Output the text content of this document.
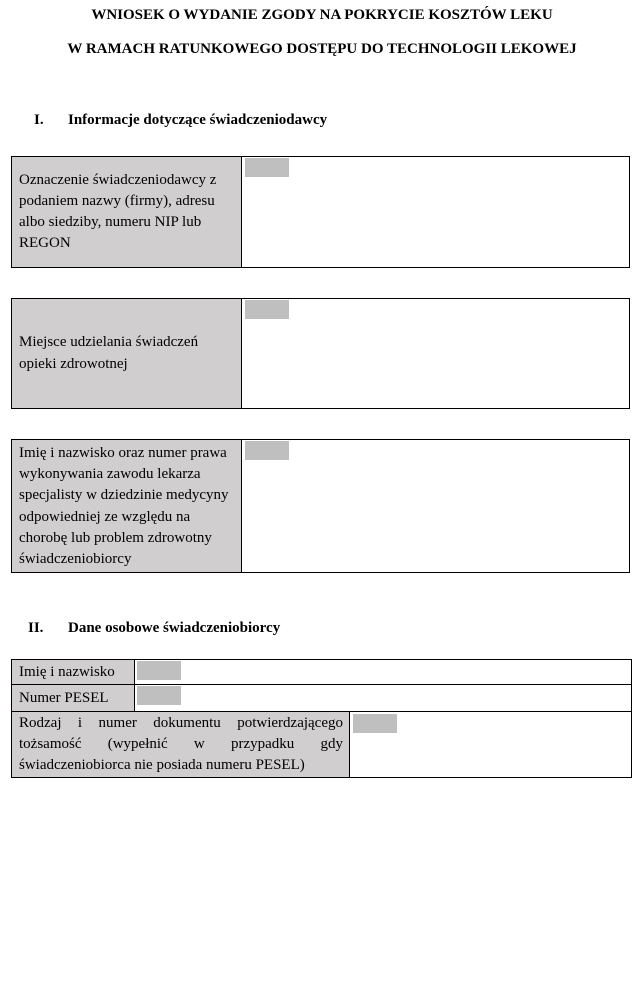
WNIOSEK O WYDANIE ZGODY NA POKRYCIE KOSZTÓW LEKU
W RAMACH RATUNKOWEGO DOSTĘPU DO TECHNOLOGII LEKOWEJ
I. Informacje dotyczące świadczeniodawcy
Oznaczenie świadczeniodawcy z podaniem nazwy (firmy), adresu albo siedziby, numeru NIP lub REGON
Miejsce udzielania świadczeń opieki zdrowotnej
Imię i nazwisko oraz numer prawa wykonywania zawodu lekarza specjalisty w dziedzinie medycyny odpowiedniej ze względu na chorobę lub problem zdrowotny świadczeniobiorcy
II. Dane osobowe świadczeniobiorcy
Imię i nazwisko
Numer PESEL
Rodzaj i numer dokumentu potwierdzającego tożsamość (wypełnić w przypadku gdy świadczeniobiorca nie posiada numeru PESEL)
